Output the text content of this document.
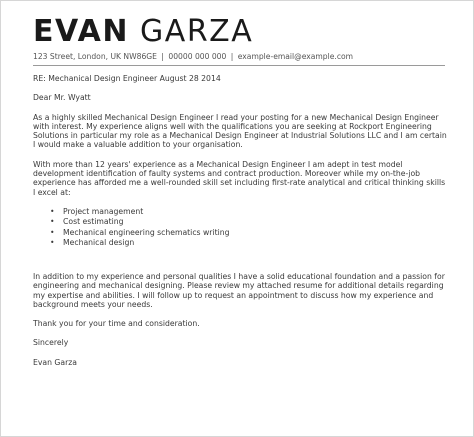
EVAN GARZA
123 Street, London, UK NW86GE | 00000 000 000 | example-email@example.com

RE: Mechanical Design Engineer August 28 2014

Dear Mr. Wyatt

As a highly skilled Mechanical Design Engineer I read your posting for a new Mechanical Design Engineer with interest. My experience aligns well with the qualifications you are seeking at Rockport Engineering Solutions in particular my role as a Mechanical Design Engineer at Industrial Solutions LLC and I am certain I would make a valuable addition to your organisation.

With more than 12 years' experience as a Mechanical Design Engineer I am adept in test model development identification of faulty systems and contract production. Moreover while my on-the-job experience has afforded me a well-rounded skill set including first-rate analytical and critical thinking skills I excel at:

• Project management
• Cost estimating
• Mechanical engineering schematics writing
• Mechanical design

In addition to my experience and personal qualities I have a solid educational foundation and a passion for engineering and mechanical designing. Please review my attached resume for additional details regarding my expertise and abilities. I will follow up to request an appointment to discuss how my experience and background meets your needs.

Thank you for your time and consideration.

Sincerely

Evan Garza
